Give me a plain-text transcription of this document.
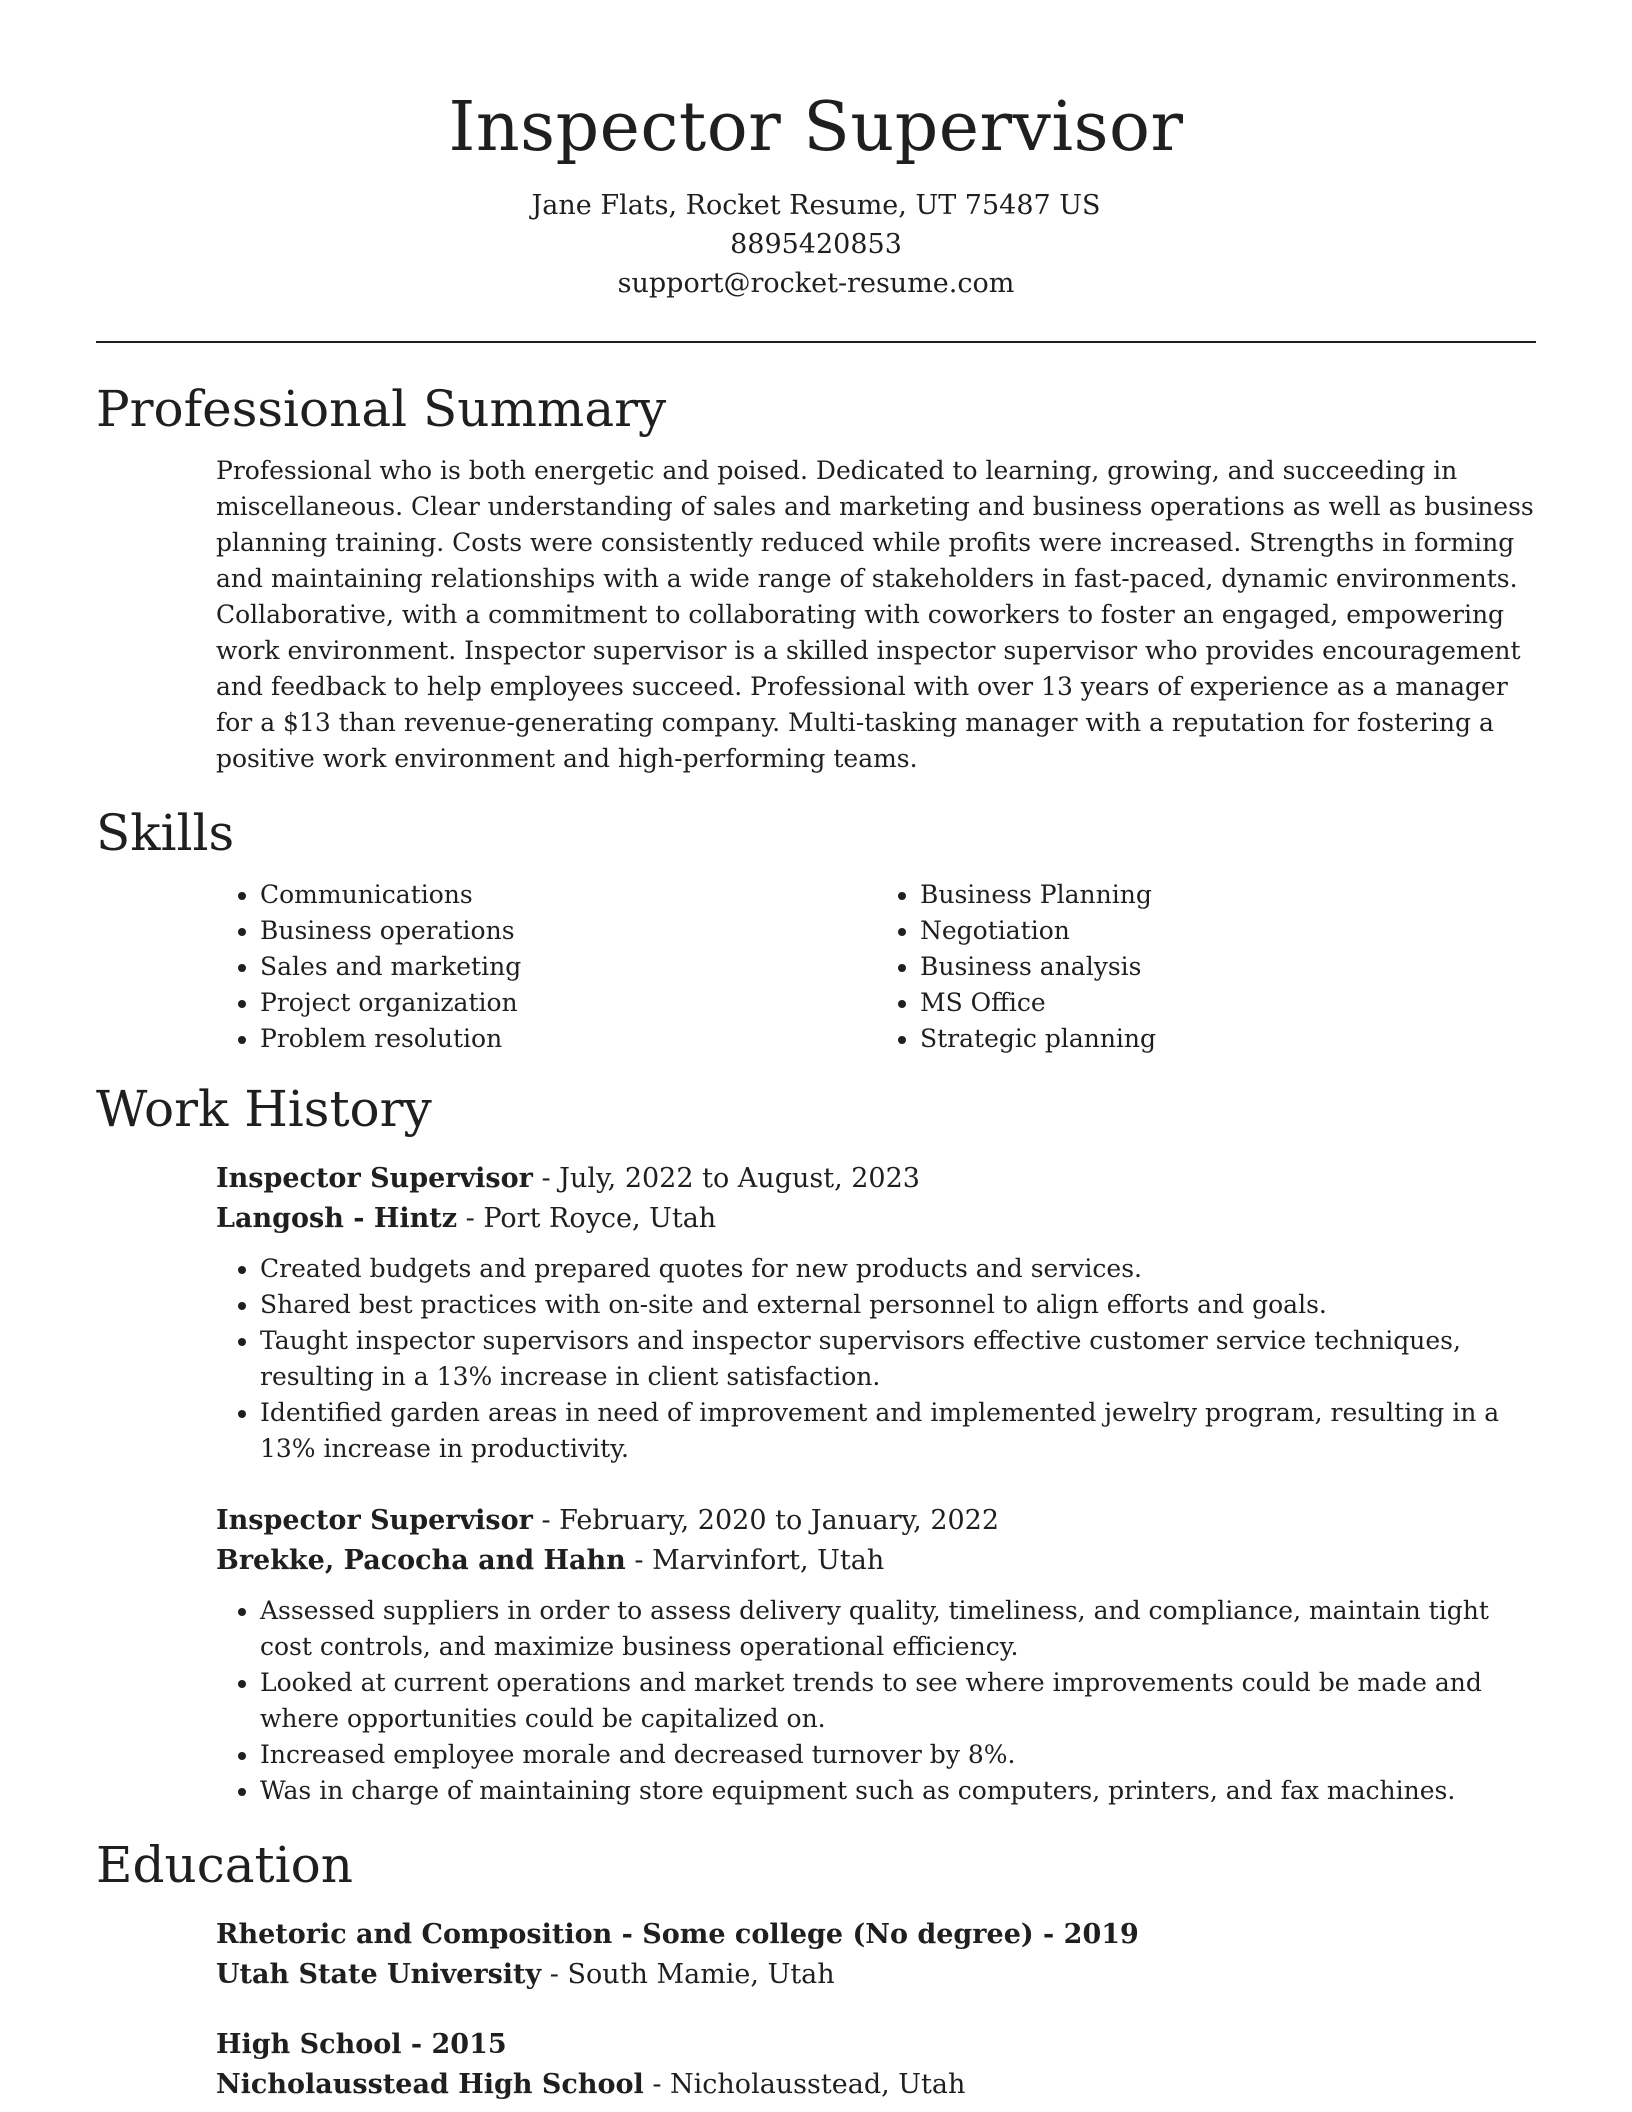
Inspector Supervisor
Jane Flats, Rocket Resume, UT 75487 US
8895420853
support@rocket-resume.com
Professional Summary
Professional who is both energetic and poised. Dedicated to learning, growing, and succeeding in miscellaneous. Clear understanding of sales and marketing and business operations as well as business planning training. Costs were consistently reduced while profits were increased. Strengths in forming and maintaining relationships with a wide range of stakeholders in fast-paced, dynamic environments. Collaborative, with a commitment to collaborating with coworkers to foster an engaged, empowering work environment. Inspector supervisor is a skilled inspector supervisor who provides encouragement and feedback to help employees succeed. Professional with over 13 years of experience as a manager for a $13 than revenue-generating company. Multi-tasking manager with a reputation for fostering a positive work environment and high-performing teams.
Skills
• Communications
• Business operations
• Sales and marketing
• Project organization
• Problem resolution
• Business Planning
• Negotiation
• Business analysis
• MS Office
• Strategic planning
Work History
Inspector Supervisor - July, 2022 to August, 2023
Langosh - Hintz - Port Royce, Utah
• Created budgets and prepared quotes for new products and services.
• Shared best practices with on-site and external personnel to align efforts and goals.
• Taught inspector supervisors and inspector supervisors effective customer service techniques, resulting in a 13% increase in client satisfaction.
• Identified garden areas in need of improvement and implemented jewelry program, resulting in a 13% increase in productivity.
Inspector Supervisor - February, 2020 to January, 2022
Brekke, Pacocha and Hahn - Marvinfort, Utah
• Assessed suppliers in order to assess delivery quality, timeliness, and compliance, maintain tight cost controls, and maximize business operational efficiency.
• Looked at current operations and market trends to see where improvements could be made and where opportunities could be capitalized on.
• Increased employee morale and decreased turnover by 8%.
• Was in charge of maintaining store equipment such as computers, printers, and fax machines.
Education
Rhetoric and Composition - Some college (No degree) - 2019
Utah State University - South Mamie, Utah
High School - 2015
Nicholausstead High School - Nicholausstead, Utah
